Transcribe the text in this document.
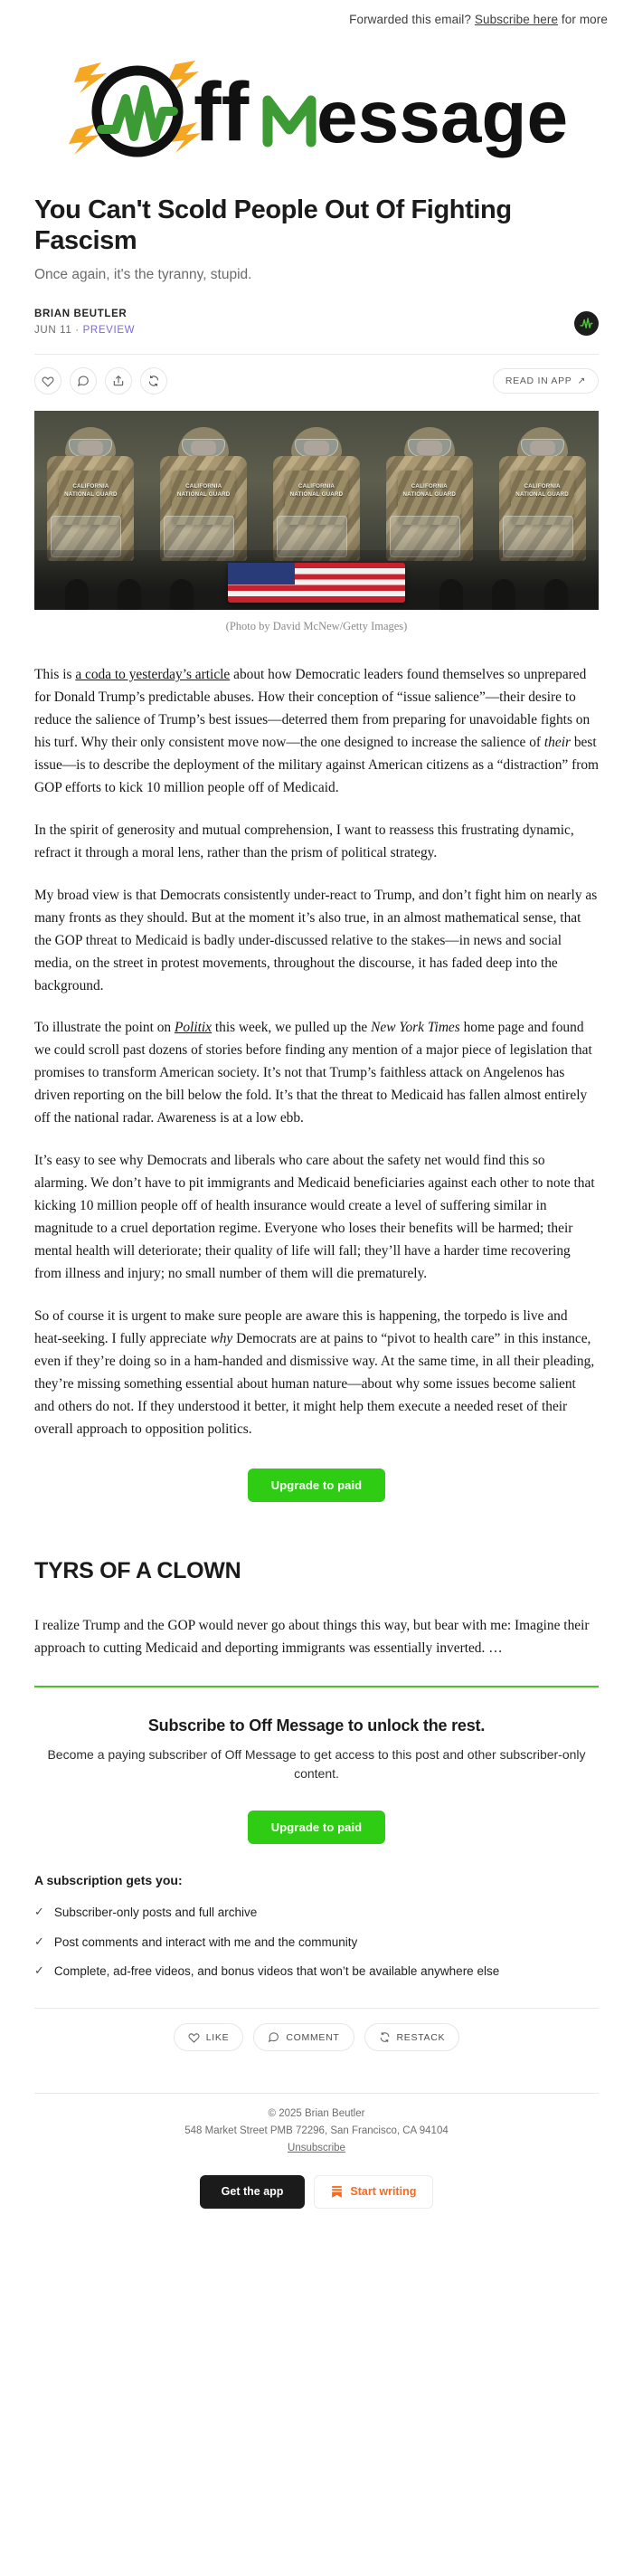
Forwarded this email? Subscribe here for more
ff essage
You Can't Scold People Out Of Fighting Fascism

Once again, it's the tyranny, stupid.

BRIAN BEUTLER
JUN 11 · PREVIEW
READ IN APP ↗
CALIFORNIA
NATIONAL GUARD
CALIFORNIA
NATIONAL GUARD
CALIFORNIA
NATIONAL GUARD
CALIFORNIA
NATIONAL GUARD
CALIFORNIA
NATIONAL GUARD
(Photo by David McNew/Getty Images)

This is a coda to yesterday’s article about how Democratic leaders found themselves so unprepared for Donald Trump’s predictable abuses. How their conception of “issue salience”—their desire to reduce the salience of Trump’s best issues—deterred them from preparing for unavoidable fights on his turf. Why their only consistent move now—the one designed to increase the salience of their best issue—is to describe the deployment of the military against American citizens as a “distraction” from GOP efforts to kick 10 million people off of Medicaid.

In the spirit of generosity and mutual comprehension, I want to reassess this frustrating dynamic, refract it through a moral lens, rather than the prism of political strategy.

My broad view is that Democrats consistently under-react to Trump, and don’t fight him on nearly as many fronts as they should. But at the moment it’s also true, in an almost mathematical sense, that the GOP threat to Medicaid is badly under-discussed relative to the stakes—in news and social media, on the street in protest movements, throughout the discourse, it has faded deep into the background.

To illustrate the point on Politix this week, we pulled up the New York Times home page and found we could scroll past dozens of stories before finding any mention of a major piece of legislation that promises to transform American society. It’s not that Trump’s faithless attack on Angelenos has driven reporting on the bill below the fold. It’s that the threat to Medicaid has fallen almost entirely off the national radar. Awareness is at a low ebb.

It’s easy to see why Democrats and liberals who care about the safety net would find this so alarming. We don’t have to pit immigrants and Medicaid beneficiaries against each other to note that kicking 10 million people off of health insurance would create a level of suffering similar in magnitude to a cruel deportation regime. Everyone who loses their benefits will be harmed; their mental health will deteriorate; their quality of life will fall; they’ll have a harder time recovering from illness and injury; no small number of them will die prematurely.

So of course it is urgent to make sure people are aware this is happening, the torpedo is live and heat-seeking. I fully appreciate why Democrats are at pains to “pivot to health care” in this instance, even if they’re doing so in a ham-handed and dismissive way. At the same time, in all their pleading, they’re missing something essential about human nature—about why some issues become salient and others do not. If they understood it better, it might help them execute a needed reset of their overall approach to opposition politics.

Upgrade to paid
TYRS OF A CLOWN

I realize Trump and the GOP would never go about things this way, but bear with me: Imagine their approach to cutting Medicaid and deporting immigrants was essentially inverted. …

Subscribe to Off Message to unlock the rest.

Become a paying subscriber of Off Message to get access to this post and other subscriber-only content.

Upgrade to paid
A subscription gets you:
✓ Subscriber-only posts and full archive
✓ Post comments and interact with me and the community
✓ Complete, ad-free videos, and bonus videos that won’t be available anywhere else
LIKE	COMMENT	RESTACK
© 2025 Brian Beutler
548 Market Street PMB 72296, San Francisco, CA 94104
Unsubscribe
Get the app	Start writing
